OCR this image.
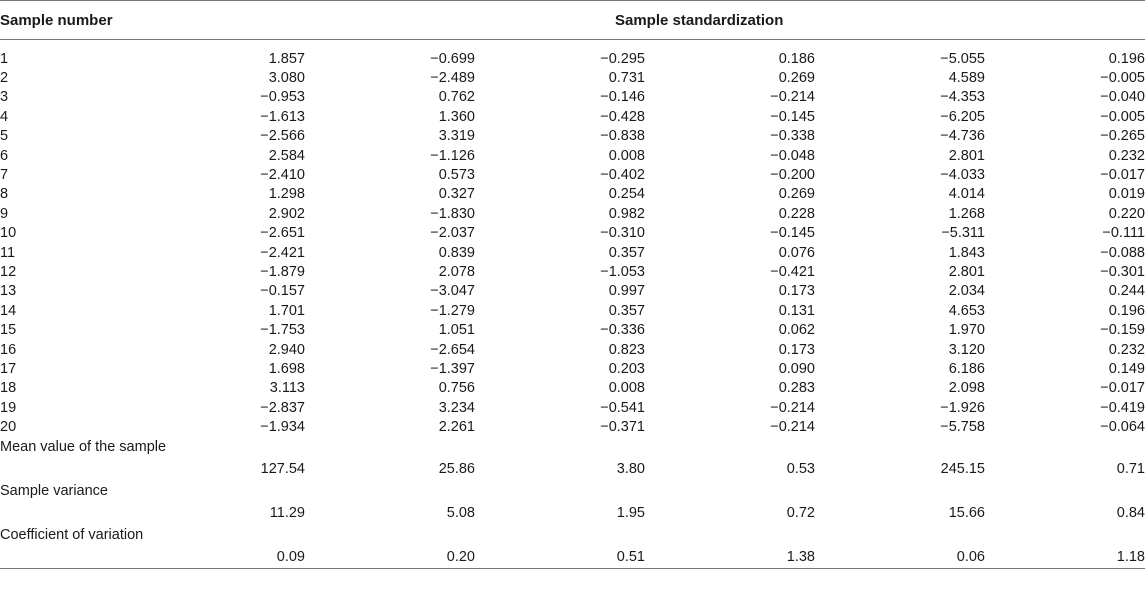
Sample number	Sample standardization					

1	1.857	−0.699	−0.295	0.186	−5.055	0.196
2	3.080	−2.489	0.731	0.269	4.589	−0.005
3	−0.953	0.762	−0.146	−0.214	−4.353	−0.040
4	−1.613	1.360	−0.428	−0.145	−6.205	−0.005
5	−2.566	3.319	−0.838	−0.338	−4.736	−0.265
6	2.584	−1.126	0.008	−0.048	2.801	0.232
7	−2.410	0.573	−0.402	−0.200	−4.033	−0.017
8	1.298	0.327	0.254	0.269	4.014	0.019
9	2.902	−1.830	0.982	0.228	1.268	0.220
10	−2.651	−2.037	−0.310	−0.145	−5.311	−0.111
11	−2.421	0.839	0.357	0.076	1.843	−0.088
12	−1.879	2.078	−1.053	−0.421	2.801	−0.301
13	−0.157	−3.047	0.997	0.173	2.034	0.244
14	1.701	−1.279	0.357	0.131	4.653	0.196
15	−1.753	1.051	−0.336	0.062	1.970	−0.159
16	2.940	−2.654	0.823	0.173	3.120	0.232
17	1.698	−1.397	0.203	0.090	6.186	0.149
18	3.113	0.756	0.008	0.283	2.098	−0.017
19	−2.837	3.234	−0.541	−0.214	−1.926	−0.419
20	−1.934	2.261	−0.371	−0.214	−5.758	−0.064
Mean value of the sample						
	127.54	25.86	3.80	0.53	245.15	0.71
Sample variance						
	11.29	5.08	1.95	0.72	15.66	0.84
Coefficient of variation						
	0.09	0.20	0.51	1.38	0.06	1.18
